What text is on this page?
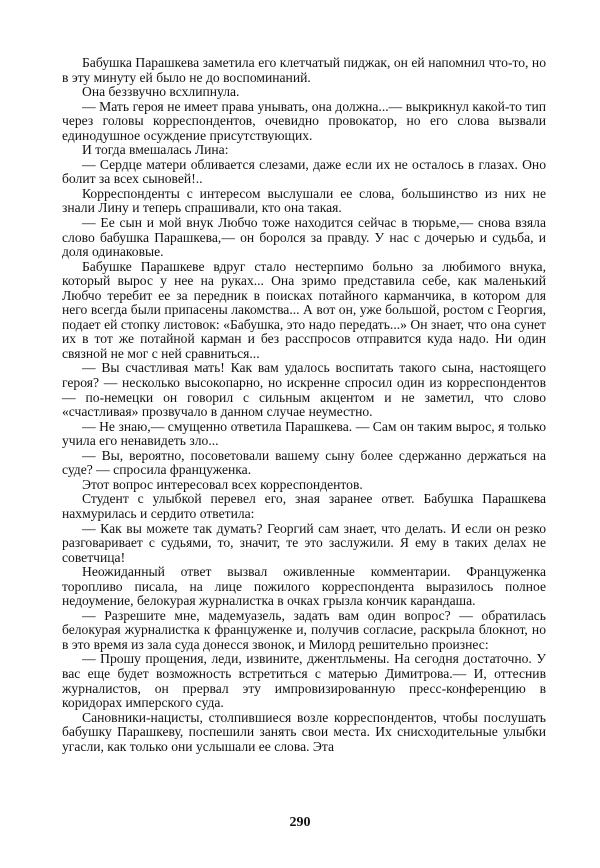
Бабушка Парашкева заметила его клетчатый пиджак, он ей напомнил что-то, но в эту минуту ей было не до воспоминаний.

Она беззвучно всхлипнула.

— Мать героя не имеет права унывать, она должна...— выкрикнул какой-то тип через головы корреспондентов, очевидно провокатор, но его слова вызвали единодушное осуждение присутствующих.

И тогда вмешалась Лина:

— Сердце матери обливается слезами, даже если их не осталось в глазах. Оно болит за всех сыновей!..

Корреспонденты с интересом выслушали ее слова, большинство из них не знали Лину и теперь спрашивали, кто она такая.

— Ее сын и мой внук Любчо тоже находится сейчас в тюрьме,— снова взяла слово бабушка Парашкева,— он боролся за правду. У нас с дочерью и судьба, и доля одинаковые.

Бабушке Парашкеве вдруг стало нестерпимо больно за любимого внука, который вырос у нее на руках... Она зримо представила себе, как маленький Любчо теребит ее за передник в поисках потайного карманчика, в котором для него всегда были припасены лакомства... А вот он, уже большой, ростом с Георгия, подает ей стопку листовок: «Бабушка, это надо передать...» Он знает, что она сунет их в тот же потайной карман и без расспросов отправится куда надо. Ни один связной не мог с ней сравниться...

— Вы счастливая мать! Как вам удалось воспитать такого сына, настоящего героя? — несколько высокопарно, но искренне спросил один из корреспондентов — по-немецки он говорил с сильным акцентом и не заметил, что слово «счастливая» прозвучало в данном случае неуместно.

— Не знаю,— смущенно ответила Парашкева. — Сам он таким вырос, я только учила его ненавидеть зло...

— Вы, вероятно, посоветовали вашему сыну более сдержанно держаться на суде? — спросила француженка.

Этот вопрос интересовал всех корреспондентов.

Студент с улыбкой перевел его, зная заранее ответ. Бабушка Парашкева нахмурилась и сердито ответила:

— Как вы можете так думать? Георгий сам знает, что делать. И если он резко разговаривает с судьями, то, значит, те это заслужили. Я ему в таких делах не советчица!

Неожиданный ответ вызвал оживленные комментарии. Француженка торопливо писала, на лице пожилого корреспондента выразилось полное недоумение, белокурая журналистка в очках грызла кончик карандаша.

— Разрешите мне, мадемуазель, задать вам один вопрос? — обратилась белокурая журналистка к француженке и, получив согласие, раскрыла блокнот, но в это время из зала суда донесся звонок, и Милорд решительно произнес:

— Прошу прощения, леди, извините, джентльмены. На сегодня достаточно. У вас еще будет возможность встретиться с матерью Димитрова.— И, оттеснив журналистов, он прервал эту импровизированную пресс-конференцию в коридорах имперского суда.

Сановники-нацисты, столпившиеся возле корреспондентов, чтобы послушать бабушку Парашкеву, поспешили занять свои места. Их снисходительные улыбки угасли, как только они услышали ее слова. Эта

290
